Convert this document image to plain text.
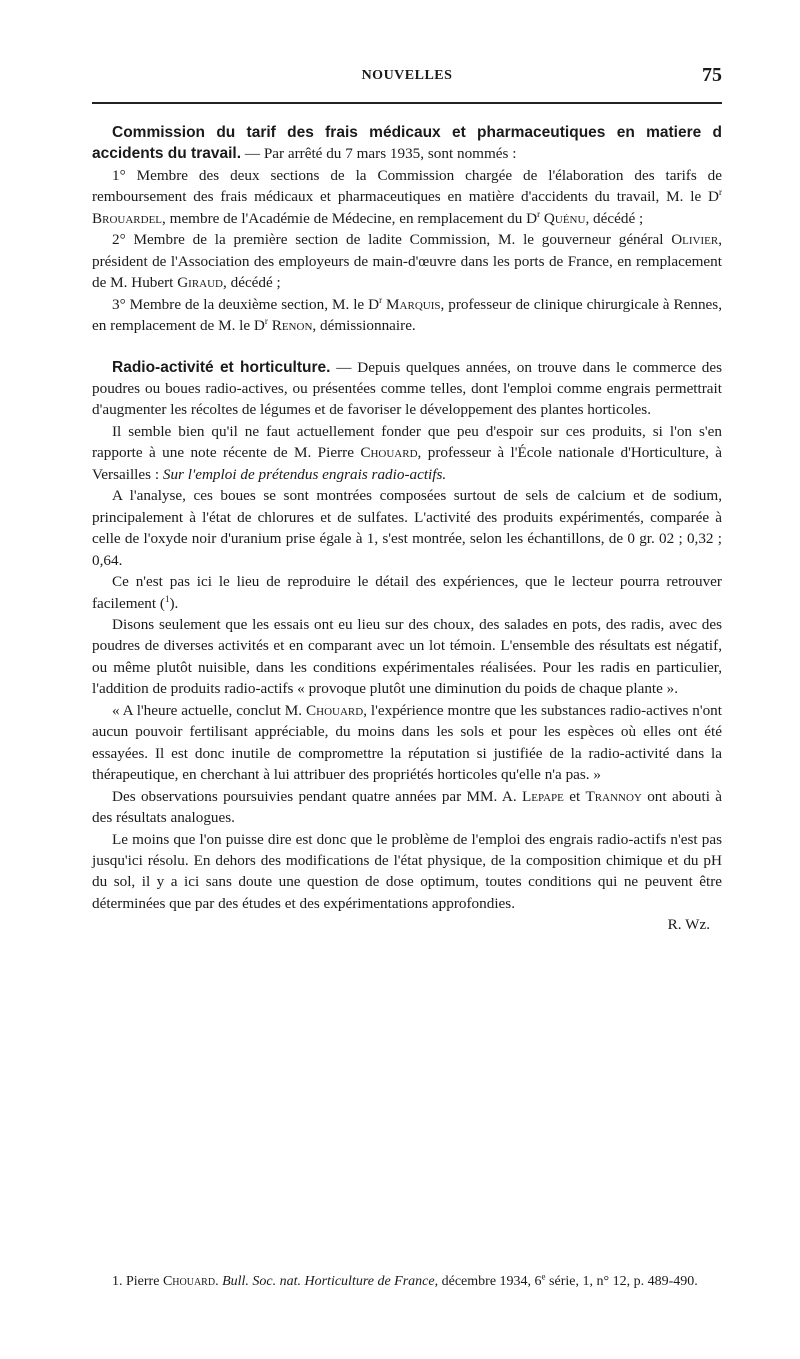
NOUVELLES	75

Commission du tarif des frais médicaux et pharmaceutiques en matiere d accidents du travail. — Par arrêté du 7 mars 1935, sont nommés :

1° Membre des deux sections de la Commission chargée de l'élaboration des tarifs de remboursement des frais médicaux et pharmaceutiques en matière d'accidents du travail, M. le $D^r$ Brouardel, membre de l'Académie de Médecine, en remplacement du $D^r$ Quénu, décédé ;

2° Membre de la première section de ladite Commission, M. le gouverneur général Olivier, président de l'Association des employeurs de main-d'œuvre dans les ports de France, en remplacement de M. Hubert Giraud, décédé ;

3° Membre de la deuxième section, M. le $D^r$ Marquis, professeur de clinique chirurgicale à Rennes, en remplacement de M. le $D^r$ Renon, démissionnaire.

Radio-activité et horticulture. — Depuis quelques années, on trouve dans le commerce des poudres ou boues radio-actives, ou présentées comme telles, dont l'emploi comme engrais permettrait d'augmenter les récoltes de légumes et de favoriser le développement des plantes horticoles.

Il semble bien qu'il ne faut actuellement fonder que peu d'espoir sur ces produits, si l'on s'en rapporte à une note récente de M. Pierre Chouard, professeur à l'École nationale d'Horticulture, à Versailles : Sur l'emploi de prétendus engrais radio-actifs.

A l'analyse, ces boues se sont montrées composées surtout de sels de calcium et de sodium, principalement à l'état de chlorures et de sulfates. L'activité des produits expérimentés, comparée à celle de l'oxyde noir d'uranium prise égale à 1, s'est montrée, selon les échantillons, de 0 gr. 02 ; 0,32 ; 0,64.

Ce n'est pas ici le lieu de reproduire le détail des expériences, que le lecteur pourra retrouver facilement ($^1$).

Disons seulement que les essais ont eu lieu sur des choux, des salades en pots, des radis, avec des poudres de diverses activités et en comparant avec un lot témoin. L'ensemble des résultats est négatif, ou même plutôt nuisible, dans les conditions expérimentales réalisées. Pour les radis en particulier, l'addition de produits radio-actifs « provoque plutôt une diminution du poids de chaque plante ».

« A l'heure actuelle, conclut M. Chouard, l'expérience montre que les substances radio-actives n'ont aucun pouvoir fertilisant appréciable, du moins dans les sols et pour les espèces où elles ont été essayées. Il est donc inutile de compromettre la réputation si justifiée de la radio-activité dans la thérapeutique, en cherchant à lui attribuer des propriétés horticoles qu'elle n'a pas. »

Des observations poursuivies pendant quatre années par MM. A. Lepape et Trannoy ont abouti à des résultats analogues.

Le moins que l'on puisse dire est donc que le problème de l'emploi des engrais radio-actifs n'est pas jusqu'ici résolu. En dehors des modifications de l'état physique, de la composition chimique et du pH du sol, il y a ici sans doute une question de dose optimum, toutes conditions qui ne peuvent être déterminées que par des études et des expérimentations approfondies.

R. Wz.

1. Pierre Chouard. Bull. Soc. nat. Horticulture de France, décembre 1934, 6e série, 1, n° 12, p. 489-490.
